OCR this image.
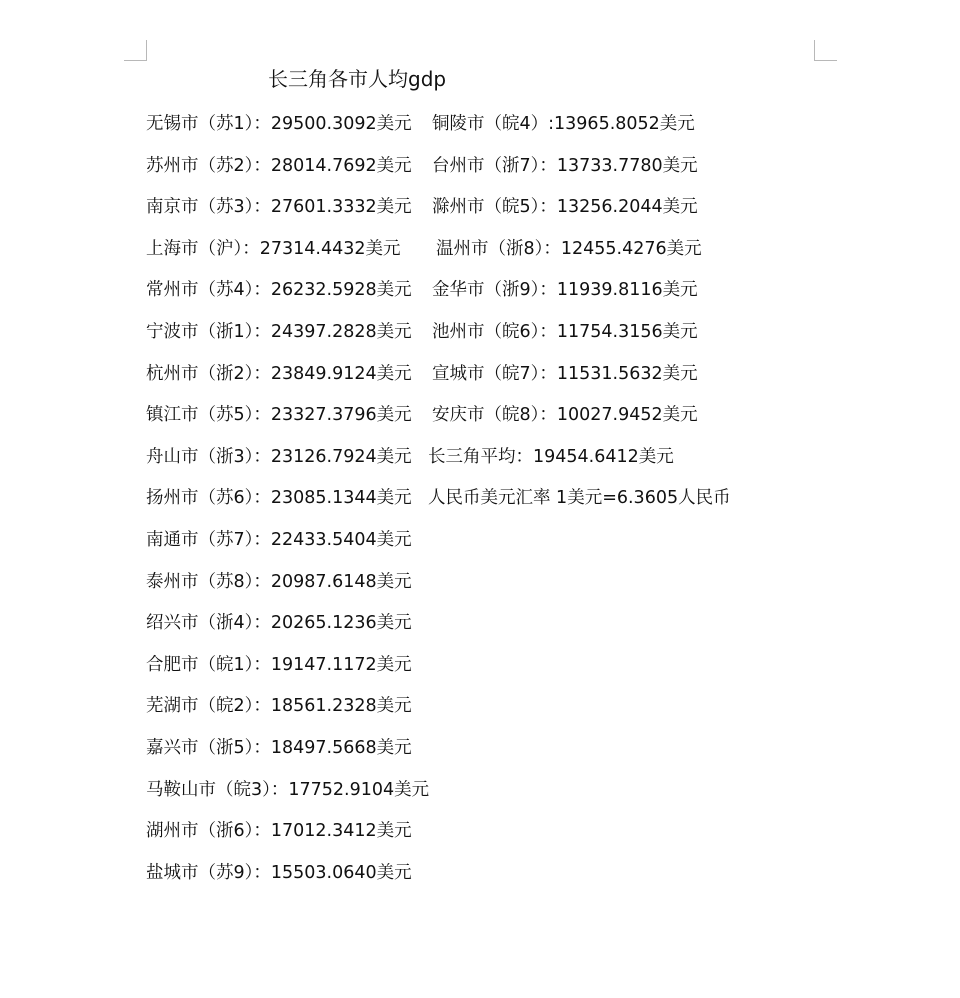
长三角各市人均gdp
无锡市（苏1）：29500.3092美元
苏州市（苏2）：28014.7692美元
南京市（苏3）：27601.3332美元
上海市（沪）：27314.4432美元
常州市（苏4）：26232.5928美元
宁波市（浙1）：24397.2828美元
杭州市（浙2）：23849.9124美元
镇江市（苏5）：23327.3796美元
舟山市（浙3）：23126.7924美元
扬州市（苏6）：23085.1344美元
南通市（苏7）：22433.5404美元
泰州市（苏8）：20987.6148美元
绍兴市（浙4）：20265.1236美元
合肥市（皖1）：19147.1172美元
芜湖市（皖2）：18561.2328美元
嘉兴市（浙5）：18497.5668美元
马鞍山市（皖3）：17752.9104美元
湖州市（浙6）：17012.3412美元
盐城市（苏9）：15503.0640美元
铜陵市（皖4）:13965.8052美元
台州市（浙7）：13733.7780美元
滁州市（皖5）：13256.2044美元
温州市（浙8）：12455.4276美元
金华市（浙9）：11939.8116美元
池州市（皖6）：11754.3156美元
宣城市（皖7）：11531.5632美元
安庆市（皖8）：10027.9452美元
长三角平均：19454.6412美元
人民币美元汇率 1美元=6.3605人民币
